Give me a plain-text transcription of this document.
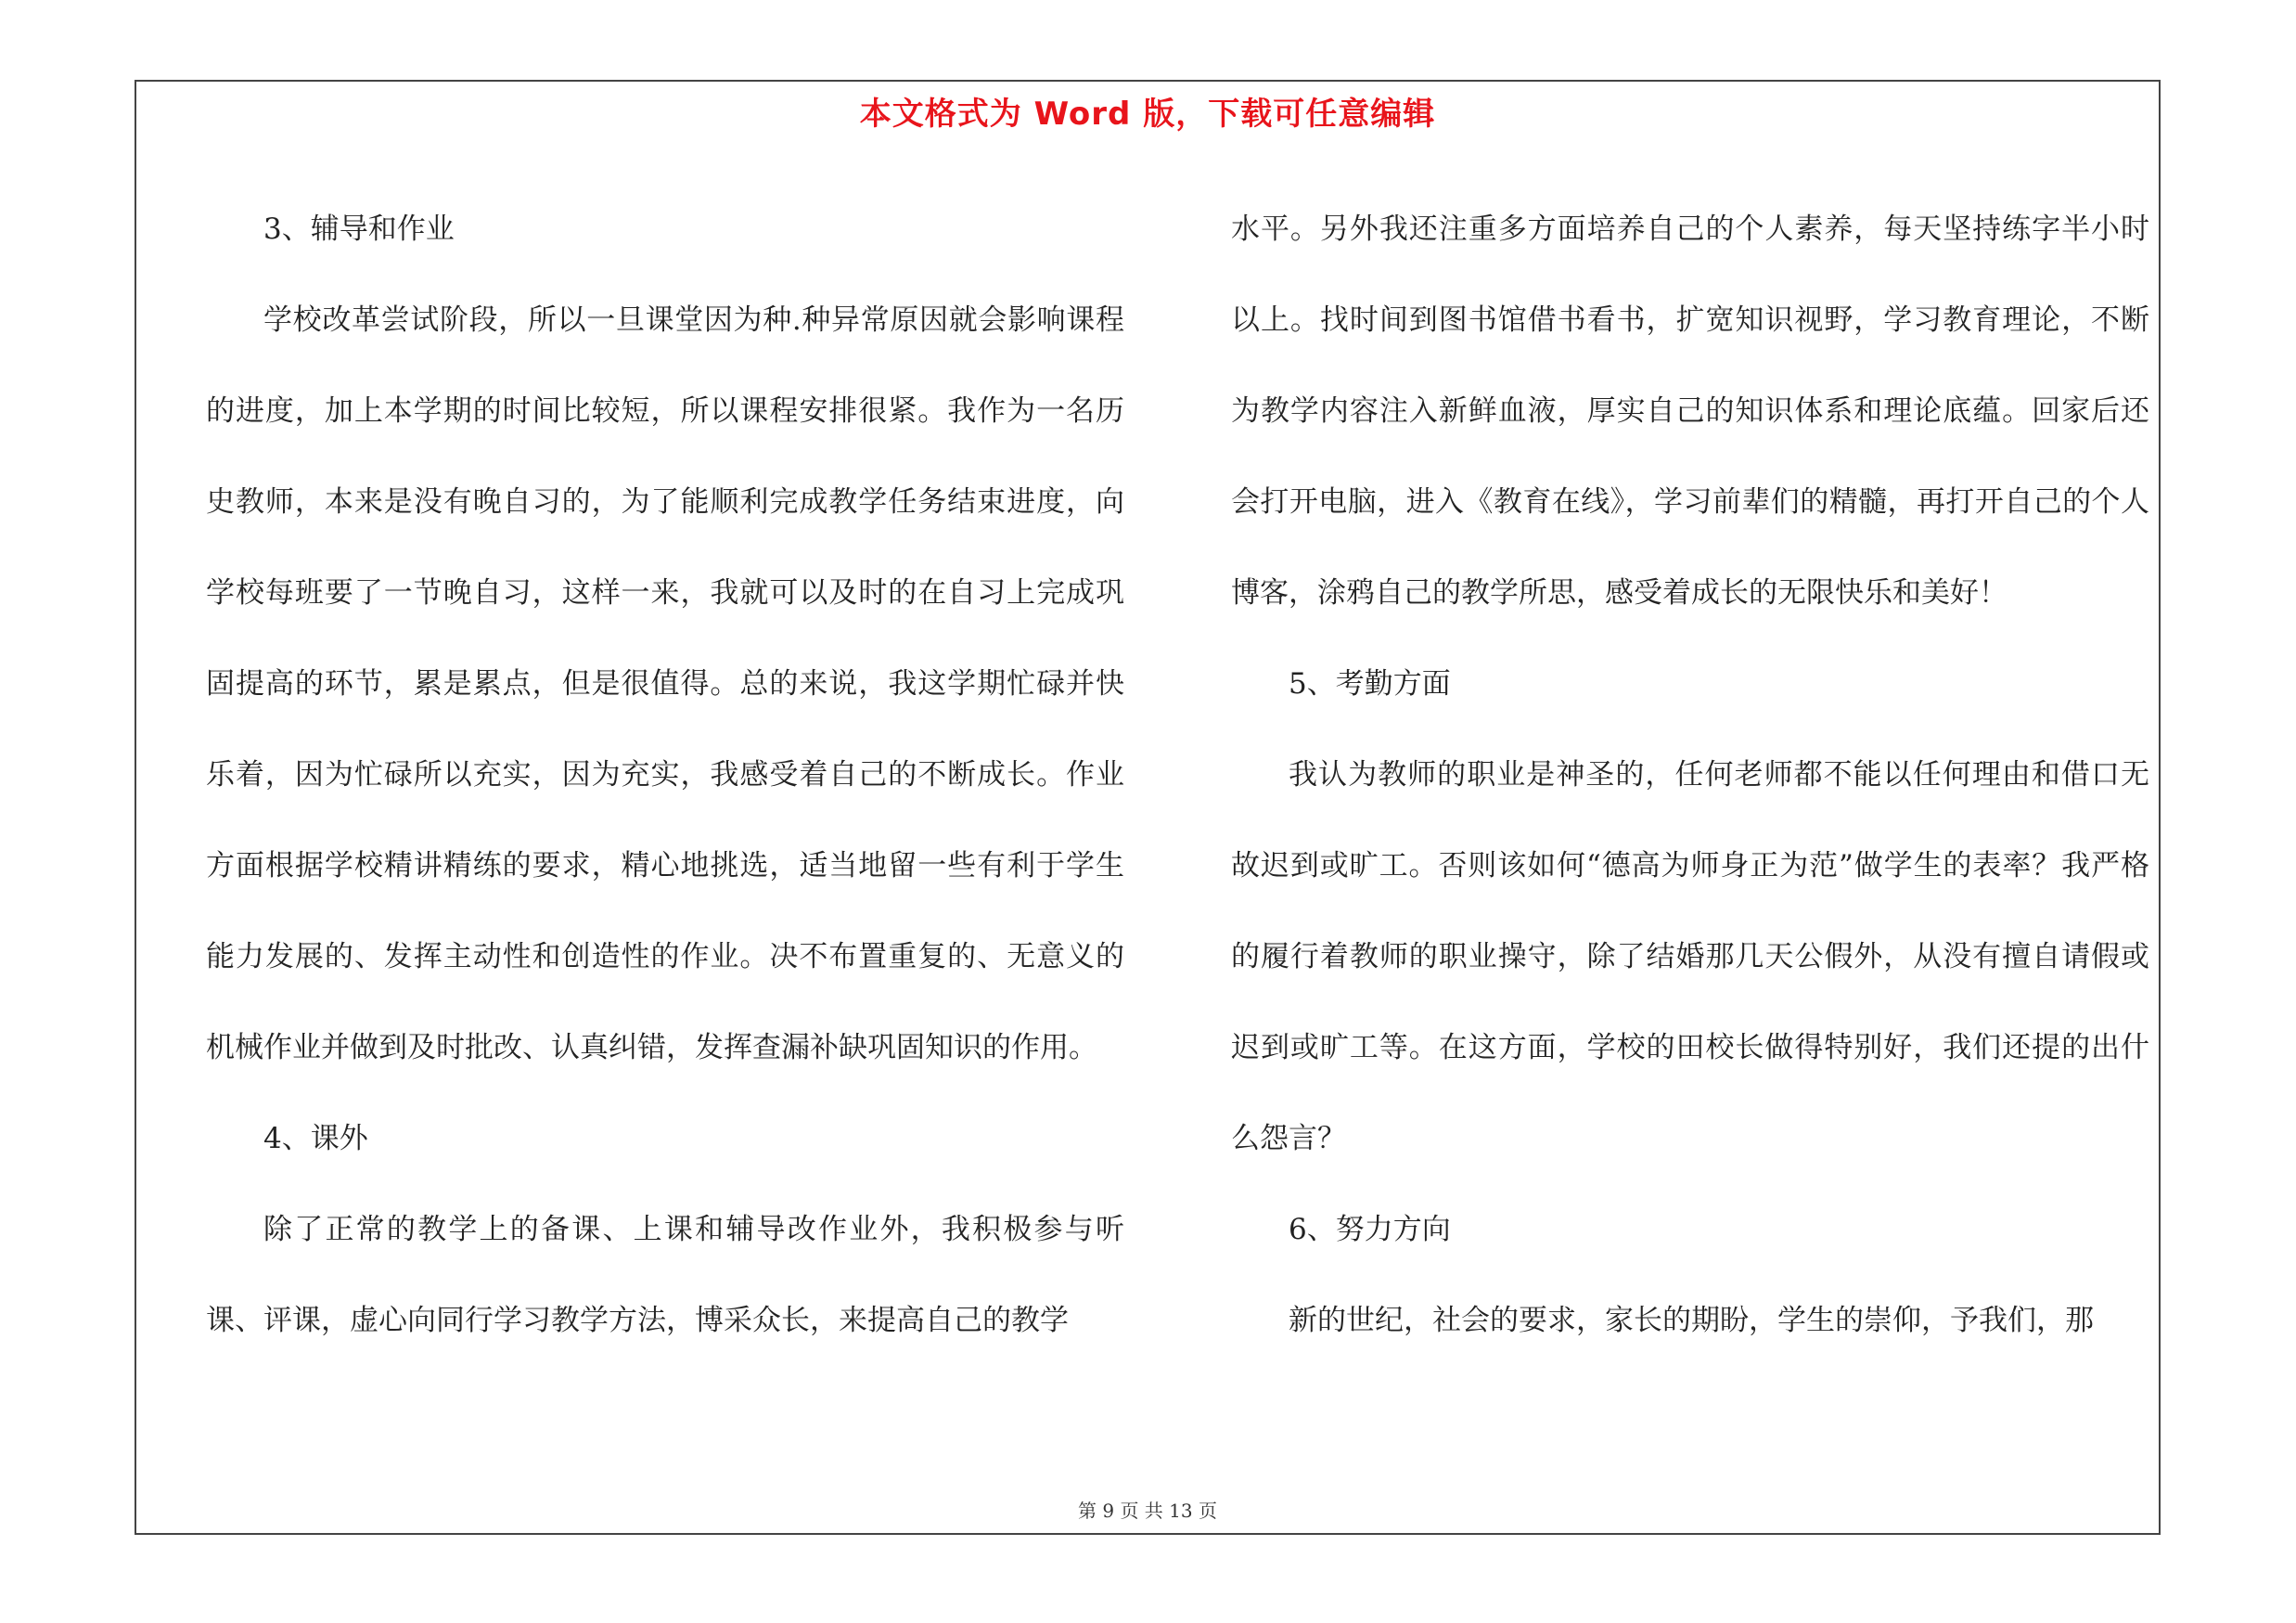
本文格式为 Word 版，下载可任意编辑

3、辅导和作业

学校改革尝试阶段，所以一旦课堂因为种.种异常原因就会影响课程的进度，加上本学期的时间比较短，所以课程安排很紧。我作为一名历史教师，本来是没有晚自习的，为了能顺利完成教学任务结束进度，向学校每班要了一节晚自习，这样一来，我就可以及时的在自习上完成巩固提高的环节，累是累点，但是很值得。总的来说，我这学期忙碌并快乐着，因为忙碌所以充实，因为充实，我感受着自己的不断成长。作业方面根据学校精讲精练的要求，精心地挑选，适当地留一些有利于学生能力发展的、发挥主动性和创造性的作业。决不布置重复的、无意义的机械作业并做到及时批改、认真纠错，发挥查漏补缺巩固知识的作用。

4、课外

除了正常的教学上的备课、上课和辅导改作业外，我积极参与听课、评课，虚心向同行学习教学方法，博采众长，来提高自己的教学

水平。另外我还注重多方面培养自己的个人素养，每天坚持练字半小时以上。找时间到图书馆借书看书，扩宽知识视野，学习教育理论，不断为教学内容注入新鲜血液，厚实自己的知识体系和理论底蕴。回家后还会打开电脑，进入《教育在线》，学习前辈们的精髓，再打开自己的个人博客，涂鸦自己的教学所思，感受着成长的无限快乐和美好！

5、考勤方面

我认为教师的职业是神圣的，任何老师都不能以任何理由和借口无故迟到或旷工。否则该如何“德高为师身正为范”做学生的表率？我严格的履行着教师的职业操守，除了结婚那几天公假外，从没有擅自请假或迟到或旷工等。在这方面，学校的田校长做得特别好，我们还提的出什么怨言？

6、努力方向

新的世纪，社会的要求，家长的期盼，学生的崇仰，予我们，那

第 9 页 共 13 页
